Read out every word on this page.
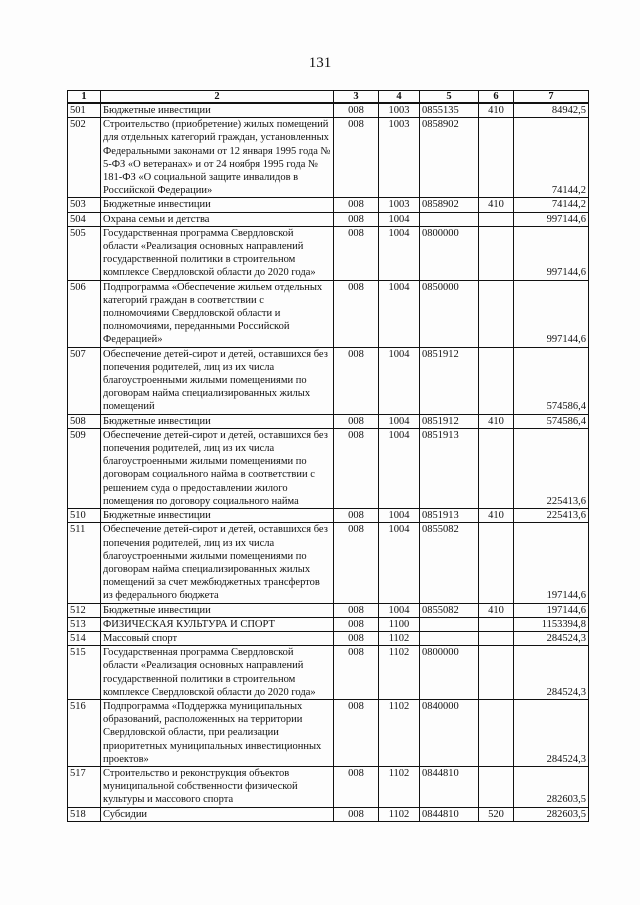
131
1	2	3	4	5	6	7
501	Бюджетные инвестиции	008	1003	0855135	410	84942,5
502	Строительство (приобретение) жилых помещений для отдельных категорий граждан, установленных Федеральными законами от 12 января 1995 года № 5-ФЗ «О ветеранах» и от 24 ноября 1995 года № 181-ФЗ «О социальной защите инвалидов в Российской Федерации»	008	1003	0858902		74144,2
503	Бюджетные инвестиции	008	1003	0858902	410	74144,2
504	Охрана семьи и детства	008	1004			997144,6
505	Государственная программа Свердловской области «Реализация основных направлений государственной политики в строительном комплексе Свердловской области до 2020 года»	008	1004	0800000		997144,6
506	Подпрограмма «Обеспечение жильем отдельных категорий граждан в соответствии с полномочиями Свердловской области и полномочиями, переданными Российской Федерацией»	008	1004	0850000		997144,6
507	Обеспечение детей-сирот и детей, оставшихся без попечения родителей, лиц из их числа благоустроенными жилыми помещениями по договорам найма специализированных жилых помещений	008	1004	0851912		574586,4
508	Бюджетные инвестиции	008	1004	0851912	410	574586,4
509	Обеспечение детей-сирот и детей, оставшихся без попечения родителей, лиц из их числа благоустроенными жилыми помещениями по договорам социального найма в соответствии с решением суда о предоставлении жилого помещения по договору социального найма	008	1004	0851913		225413,6
510	Бюджетные инвестиции	008	1004	0851913	410	225413,6
511	Обеспечение детей-сирот и детей, оставшихся без попечения родителей, лиц из их числа благоустроенными жилыми помещениями по договорам найма специализированных жилых помещений за счет межбюджетных трансфертов из федерального бюджета	008	1004	0855082		197144,6
512	Бюджетные инвестиции	008	1004	0855082	410	197144,6
513	ФИЗИЧЕСКАЯ КУЛЬТУРА И СПОРТ	008	1100			1153394,8
514	Массовый спорт	008	1102			284524,3
515	Государственная программа Свердловской области «Реализация основных направлений государственной политики в строительном комплексе Свердловской области до 2020 года»	008	1102	0800000		284524,3
516	Подпрограмма «Поддержка муниципальных образований, расположенных на территории Свердловской области, при реализации приоритетных муниципальных инвестиционных проектов»	008	1102	0840000		284524,3
517	Строительство и реконструкция объектов муниципальной собственности физической культуры и массового спорта	008	1102	0844810		282603,5
518	Субсидии	008	1102	0844810	520	282603,5
